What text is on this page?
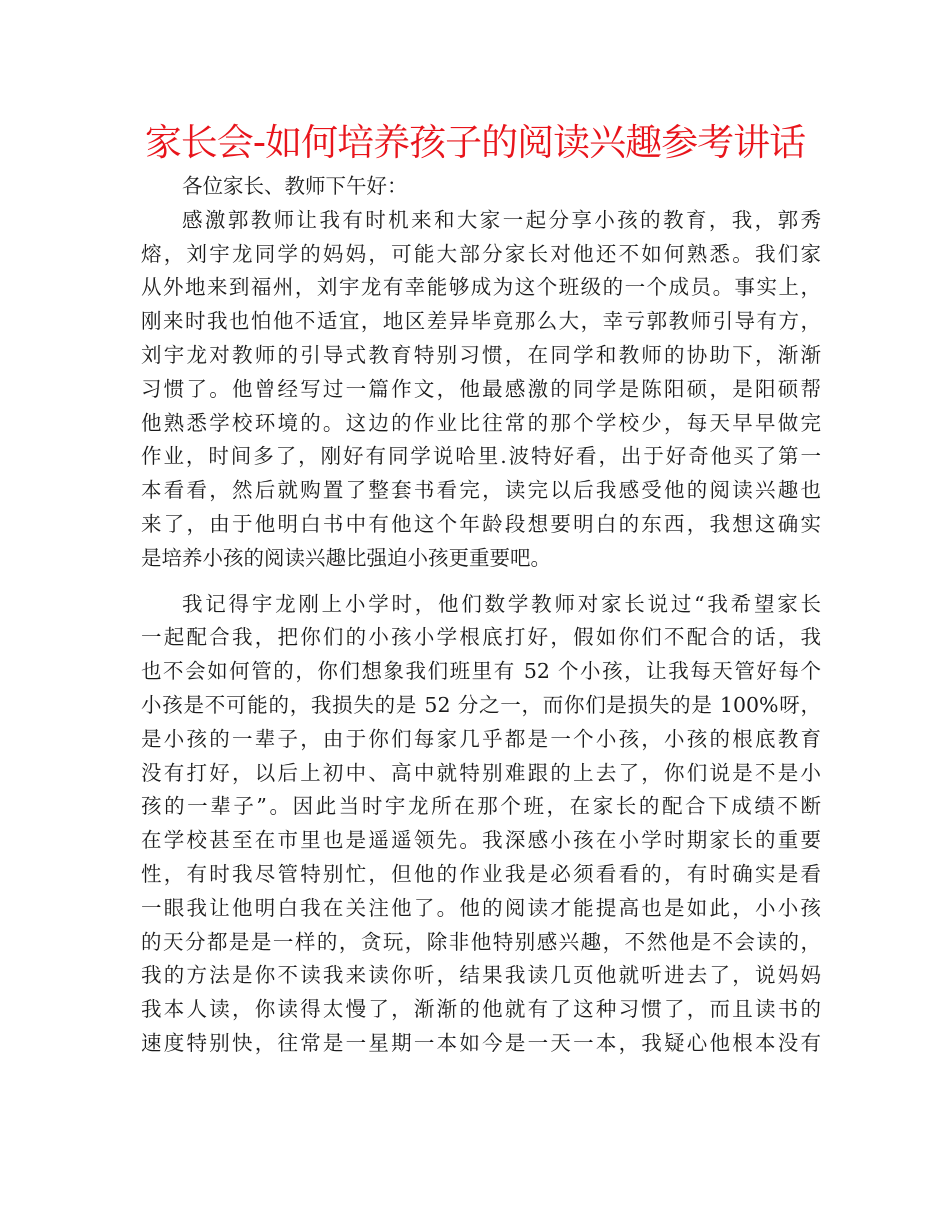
家长会-如何培养孩子的阅读兴趣参考讲话
各位家长、教师下午好：
感激郭教师让我有时机来和大家一起分享小孩的教育，我，郭秀
熔，刘宇龙同学的妈妈，可能大部分家长对他还不如何熟悉。我们家
从外地来到福州，刘宇龙有幸能够成为这个班级的一个成员。事实上，
刚来时我也怕他不适宜，地区差异毕竟那么大，幸亏郭教师引导有方，
刘宇龙对教师的引导式教育特别习惯，在同学和教师的协助下，渐渐
习惯了。他曾经写过一篇作文，他最感激的同学是陈阳硕，是阳硕帮
他熟悉学校环境的。这边的作业比往常的那个学校少，每天早早做完
作业，时间多了，刚好有同学说哈里.波特好看，出于好奇他买了第一
本看看，然后就购置了整套书看完，读完以后我感受他的阅读兴趣也
来了，由于他明白书中有他这个年龄段想要明白的东西，我想这确实
是培养小孩的阅读兴趣比强迫小孩更重要吧。
我记得宇龙刚上小学时，他们数学教师对家长说过“我希望家长
一起配合我，把你们的小孩小学根底打好，假如你们不配合的话，我
也不会如何管的，你们想象我们班里有 52 个小孩，让我每天管好每个
小孩是不可能的，我损失的是 52 分之一，而你们是损失的是 100%呀，
是小孩的一辈子，由于你们每家几乎都是一个小孩，小孩的根底教育
没有打好，以后上初中、高中就特别难跟的上去了，你们说是不是小
孩的一辈子”。因此当时宇龙所在那个班，在家长的配合下成绩不断
在学校甚至在市里也是遥遥领先。我深感小孩在小学时期家长的重要
性，有时我尽管特别忙，但他的作业我是必须看看的，有时确实是看
一眼我让他明白我在关注他了。他的阅读才能提高也是如此，小小孩
的天分都是是一样的，贪玩，除非他特别感兴趣，不然他是不会读的，
我的方法是你不读我来读你听，结果我读几页他就听进去了，说妈妈
我本人读，你读得太慢了，渐渐的他就有了这种习惯了，而且读书的
速度特别快，往常是一星期一本如今是一天一本，我疑心他根本没有
